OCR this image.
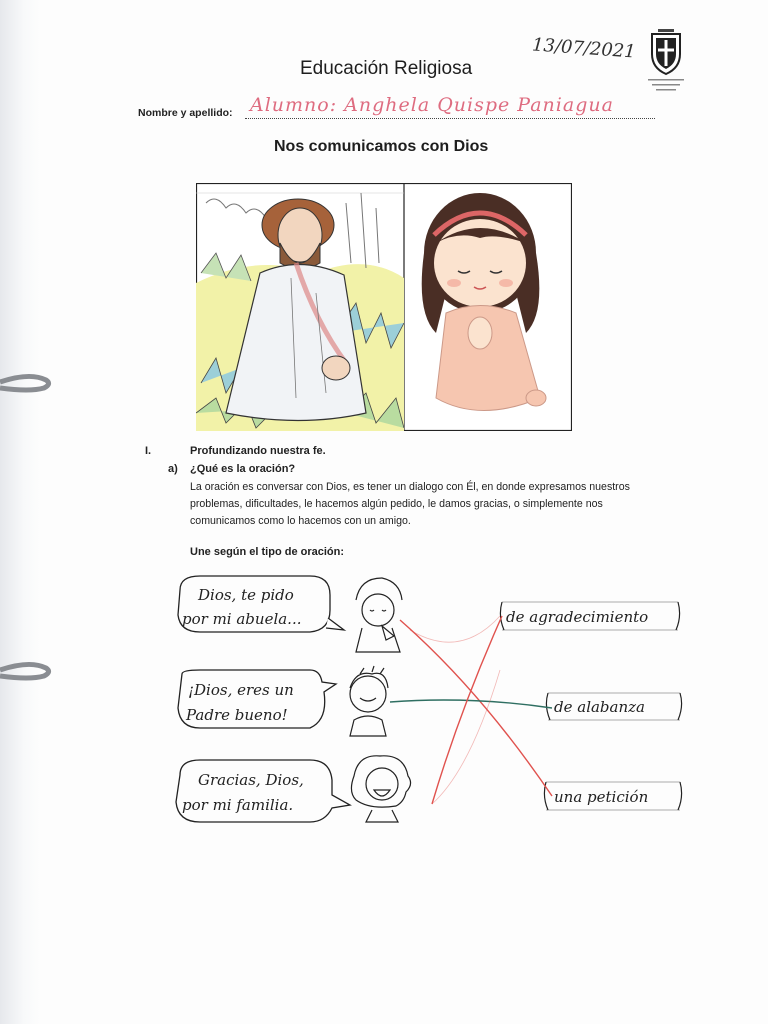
Educación Religiosa
13/07/2021
Nombre y apellido: Alumno: Anghela Quispe Paniagua
Nos comunicamos con Dios
I.	Profundizando nuestra fe.
a) ¿Qué es la oración?
La oración es conversar con Dios, es tener un dialogo con Él, en donde expresamos nuestros problemas, dificultades, le hacemos algún pedido, le damos gracias, o simplemente nos comunicamos como lo hacemos con un amigo.
Une según el tipo de oración:
Dios, te pido
por mi abuela...
¡Dios, eres un
Padre bueno!
Gracias, Dios,
por mi familia.
de agradecimiento
de alabanza
una petición
